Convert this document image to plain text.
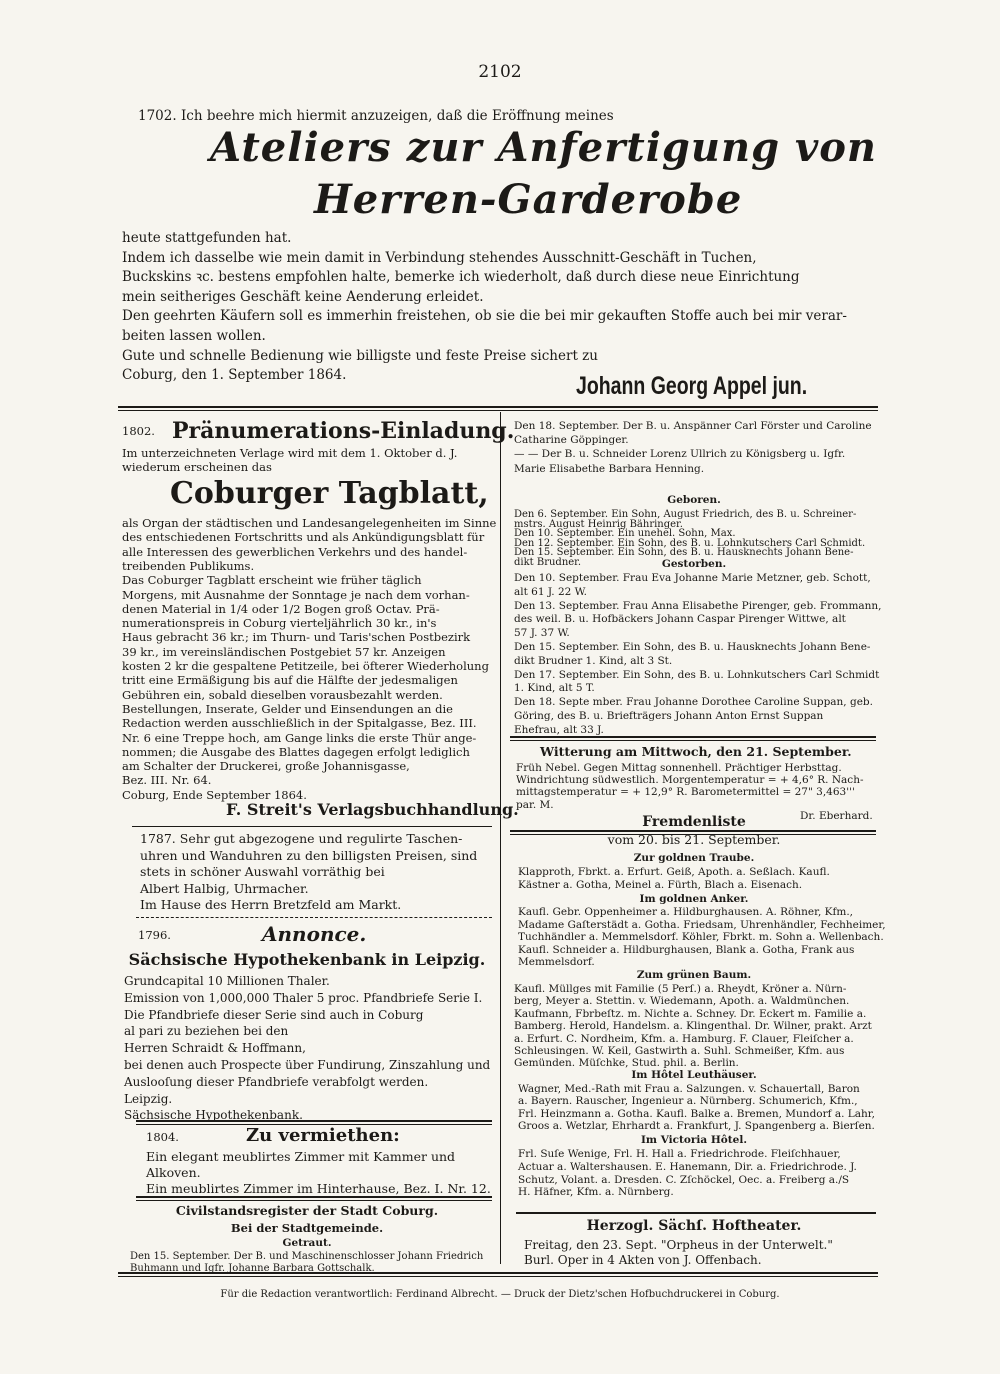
2102
1702. Ich beehre mich hiermit anzuzeigen, daß die Eröffnung meines
Ateliers zur Anfertigung von
Herren-Garderobe
heute stattgefunden hat.
Indem ich dasselbe wie mein damit in Verbindung stehendes Ausschnitt-Geschäft in Tuchen,
Buckskins ꝛc. bestens empfohlen halte, bemerke ich wiederholt, daß durch diese neue Einrichtung
mein seitheriges Geschäft keine Aenderung erleidet.
Den geehrten Käufern soll es immerhin freistehen, ob sie die bei mir gekauften Stoffe auch bei mir verar-
beiten lassen wollen.
Gute und schnelle Bedienung wie billigste und feste Preise sichert zu
Coburg, den 1. September 1864.	Johann Georg Appel jun.
1802. Pränumerations-Einladung.
Im unterzeichneten Verlage wird mit dem 1. Oktober d. J.
wiederum erscheinen das
Coburger Tagblatt,
als Organ der städtischen und Landesangelegenheiten im Sinne
des entschiedenen Fortschritts und als Ankündigungsblatt für
alle Interessen des gewerblichen Verkehrs und des handel-
treibenden Publikums.
Das Coburger Tagblatt erscheint wie früher täglich
Morgens, mit Ausnahme der Sonntage je nach dem vorhan-
denen Material in 1/4 oder 1/2 Bogen groß Octav. Prä-
numerationspreis in Coburg vierteljährlich 30 kr., in's
Haus gebracht 36 kr.; im Thurn- und Taris'schen Postbezirk
39 kr., im vereinsländischen Postgebiet 57 kr. Anzeigen
kosten 2 kr die gespaltene Petitzeile, bei öfterer Wiederholung
tritt eine Ermäßigung bis auf die Hälfte der jedesmaligen
Gebühren ein, sobald dieselben vorausbezahlt werden.
Bestellungen, Inserate, Gelder und Einsendungen an die
Redaction werden ausschließlich in der Spitalgasse, Bez. III.
Nr. 6 eine Treppe hoch, am Gange links die erste Thür ange-
nommen; die Ausgabe des Blattes dagegen erfolgt lediglich
am Schalter der Druckerei, große Johannisgasse,
Bez. III. Nr. 64.
Coburg, Ende September 1864.
F. Streit's Verlagsbuchhandlung.
1787. Sehr gut abgezogene und regulirte Taschen-
uhren und Wanduhren zu den billigsten Preisen, sind
stets in schöner Auswahl vorräthig bei
Albert Halbig, Uhrmacher.
Im Hause des Herrn Bretzfeld am Markt.
1796.	Annonce.
Sächsische Hypothekenbank in Leipzig.
Grundcapital 10 Millionen Thaler.
Emission von 1,000,000 Thaler 5 proc. Pfandbriefe Serie I.
Die Pfandbriefe dieser Serie sind auch in Coburg
al pari zu beziehen bei den
Herren Schraidt & Hoffmann,
bei denen auch Prospecte über Fundirung, Zinszahlung und
Auslooſung dieser Pfandbriefe verabfolgt werden.
Leipzig.
Sächsische Hypothekenbank.
1804.	Zu vermiethen:
Ein elegant meublirtes Zimmer mit Kammer und
Alkoven.
Ein meublirtes Zimmer im Hinterhause, Bez. I. Nr. 12.
Civilstandsregister der Stadt Coburg.
Bei der Stadtgemeinde.
Getraut.
Den 15. September. Der B. und Maschinenschlosser Johann Friedrich
Buhmann und Igfr. Johanne Barbara Gottschalk.
Den 18. September. Der B. u. Anspänner Carl Förster und Caroline
Catharine Göppinger.
— — Der B. u. Schneider Lorenz Ullrich zu Königsberg u. Igfr.
Marie Elisabethe Barbara Henning.
Geboren.
Den 6. September. Ein Sohn, August Friedrich, des B. u. Schreiner-
mstrs. August Heinrig Bähringer.
Den 10. September. Ein unehel. Sohn, Max.
Den 12. September. Ein Sohn, des B. u. Lohnkutschers Carl Schmidt.
Den 15. September. Ein Sohn, des B. u. Hausknechts Johann Bene-
dikt Brudner.	Gestorben.
Den 10. September. Frau Eva Johanne Marie Metzner, geb. Schott,
alt 61 J. 22 W.
Den 13. September. Frau Anna Elisabethe Pirenger, geb. Frommann,
des weil. B. u. Hofbäckers Johann Caspar Pirenger Wittwe, alt
57 J. 37 W.
Den 15. September. Ein Sohn, des B. u. Hausknechts Johann Bene-
dikt Brudner 1. Kind, alt 3 St.
Den 17. September. Ein Sohn, des B. u. Lohnkutschers Carl Schmidt
1. Kind, alt 5 T.
Den 18. Septe mber. Frau Johanne Dorothee Caroline Suppan, geb.
Göring, des B. u. Briefträgers Johann Anton Ernst Suppan
Ehefrau, alt 33 J.
Witterung am Mittwoch, den 21. September.
Früh Nebel. Gegen Mittag sonnenhell. Prächtiger Herbsttag.
Windrichtung südwestlich. Morgentemperatur = + 4,6° R. Nach-
mittagstemperatur = + 12,9° R. Barometermittel = 27" 3,463'''
par. M.
Dr. Eberhard.
Fremdenliste
vom 20. bis 21. September.
Zur goldnen Traube.
Klapproth, Fbrkt. a. Erfurt. Geiß, Apoth. a. Seßlach. Kaufl.
Kästner a. Gotha, Meinel a. Fürth, Blach a. Eisenach.
Im goldnen Anker.
Kaufl. Gebr. Oppenheimer a. Hildburghausen. A. Röhner, Kfm.,
Madame Gaſterstädt a. Gotha. Friedsam, Uhrenhändler, Fechheimer,
Tuchhändler a. Memmelsdorf. Köhler, Fbrkt. m. Sohn a. Wellenbach.
Kaufl. Schneider a. Hildburghausen, Blank a. Gotha, Frank aus
Memmelsdorf.
Zum grünen Baum.
Kaufl. Müllges mit Familie (5 Perſ.) a. Rheydt, Kröner a. Nürn-
berg, Meyer a. Stettin. v. Wiedemann, Apoth. a. Waldmünchen.
Kaufmann, Fbrbeſtz. m. Nichte a. Schney. Dr. Eckert m. Familie a.
Bamberg. Herold, Handelsm. a. Klingenthal. Dr. Wilner, prakt. Arzt
a. Erfurt. C. Nordheim, Kfm. a. Hamburg. F. Clauer, Fleiſcher a.
Schleusingen. W. Keil, Gastwirth a. Suhl. Schmeißer, Kfm. aus
Gemünden. Müſchke, Stud. phil. a. Berlin.
Im Hôtel Leuthäuser.
Wagner, Med.-Rath mit Frau a. Salzungen. v. Schauertall, Baron
a. Bayern. Rauscher, Ingenieur a. Nürnberg. Schumerich, Kfm.,
Frl. Heinzmann a. Gotha. Kaufl. Balke a. Bremen, Mundorf a. Lahr,
Groos a. Wetzlar, Ehrhardt a. Frankfurt, J. Spangenberg a. Bierſen.
Im Victoria Hôtel.
Frl. Suſe Wenige, Frl. H. Hall a. Friedrichrode. Fleiſchhauer,
Actuar a. Waltershausen. E. Hanemann, Dir. a. Friedrichrode. J.
Schutz, Volant. a. Dresden. C. Zſchöckel, Oec. a. Freiberg a./S
H. Häfner, Kfm. a. Nürnberg.
Herzogl. Sächſ. Hoftheater.
Freitag, den 23. Sept. "Orpheus in der Unterwelt."
Burl. Oper in 4 Akten von J. Offenbach.
Für die Redaction verantwortlich: Ferdinand Albrecht. — Druck der Dietz'schen Hofbuchdruckerei in Coburg.
